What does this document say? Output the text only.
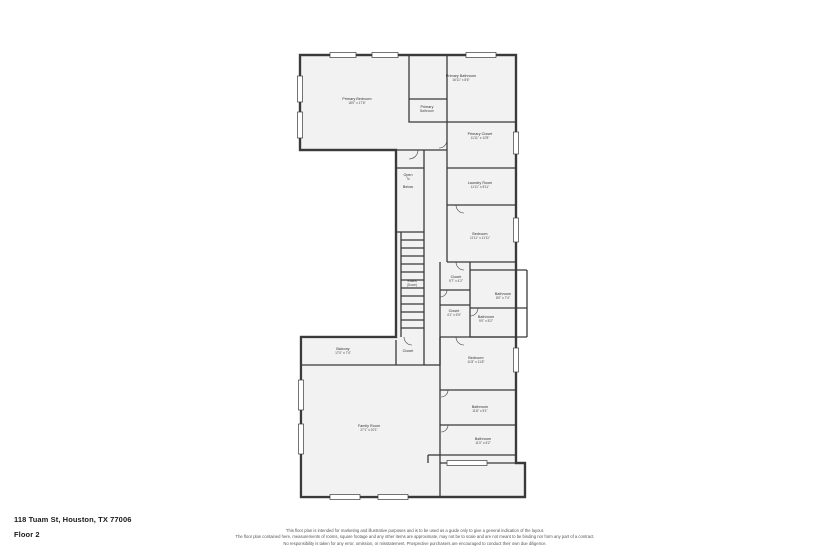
Primary Bedroom
18'0" x 17'6"
Primary Bathroom
16'11" x 8'6"
Primary
Bathroom
Primary Closet
11'11" x 12'8"
Open
To
Below
Laundry Room
11'11" x 5'11"
Bedroom
11'11" x 11'11"
Closet
5'7" x 4'2"
Bathroom
8'0" x 7'4"
Closet
4'1" x 5'5"	Bathroom
9'0" x 5'2"
Stairs
(Down)
Balcony
17'0" x 7'4"
Closet
Bedroom
11'8" x 11'8"
Bathroom
11'8" x 5'1"
Bathroom
11'0" x 6'2"
Family Room
27'1" x 20'1"
118 Tuam St, Houston, TX 77006
Floor 2	This floor plan is intended for marketing and illustrative purposes and is to be used as a guide only to give a general indication of the layout.
The floor plan contained here, measurements of rooms, square footage and any other items are approximate, may not be to scale and are not meant to be binding nor form any part of a contract.
No responsibility is taken for any error, omission, or misstatement. Prospective purchasers are encouraged to conduct their own due diligence.
